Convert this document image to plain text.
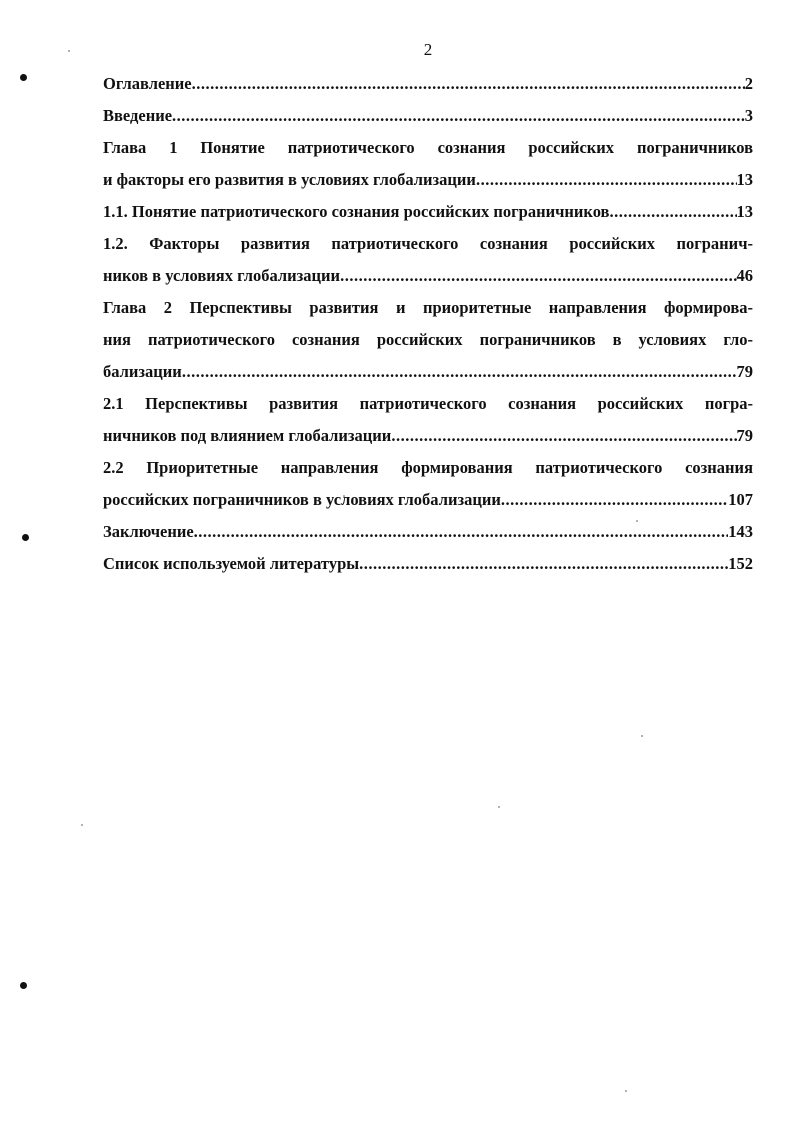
2
Оглавление .....	2
Введение .....	3
Глава 1 Понятие патриотического сознания российских пограничников
и факторы его развития в условиях глобализации .....	13
1.1. Понятие патриотического сознания российских пограничников .....	13
1.2. Факторы развития патриотического сознания российских погранич-
ников в условиях глобализации .....	46
Глава 2 Перспективы развития и приоритетные направления формирова-
ния патриотического сознания российских пограничников в условиях гло-
бализации .....	79
2.1 Перспективы развития патриотического сознания российских погра-
ничников под влиянием глобализации .....	79
2.2 Приоритетные направления формирования патриотического сознания
российских пограничников в условиях глобализации .....	107
Заключение .....	143
Список используемой литературы .....	152
